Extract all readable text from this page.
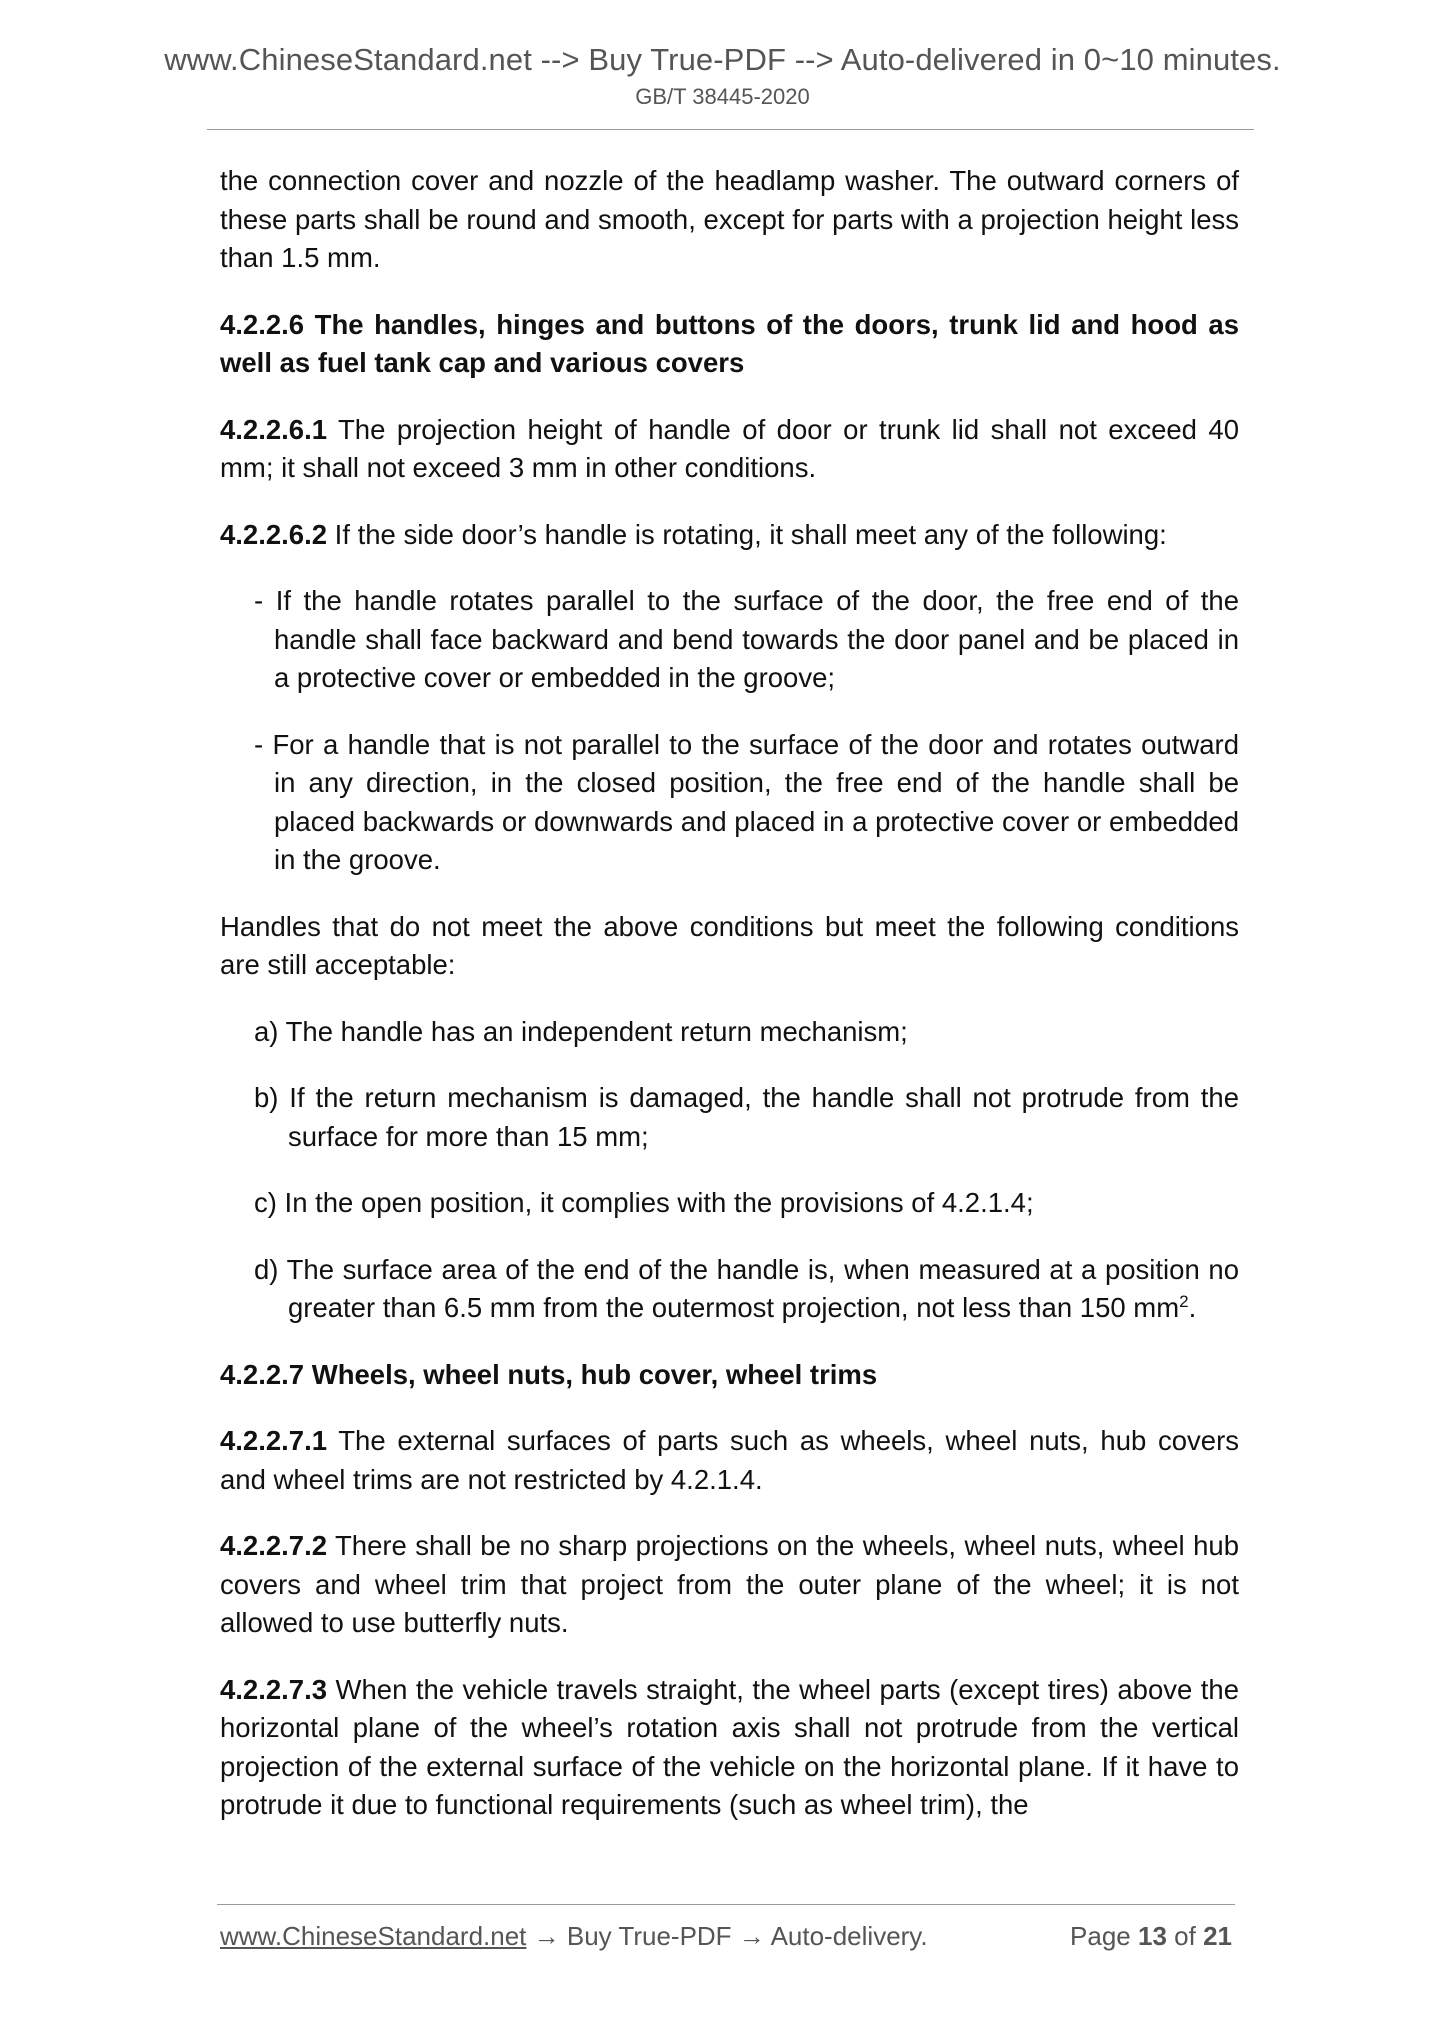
www.ChineseStandard.net --> Buy True-PDF --> Auto-delivered in 0~10 minutes.
GB/T 38445-2020

the connection cover and nozzle of the headlamp washer. The outward corners of these parts shall be round and smooth, except for parts with a projection height less than 1.5 mm.

4.2.2.6 The handles, hinges and buttons of the doors, trunk lid and hood as well as fuel tank cap and various covers

4.2.2.6.1 The projection height of handle of door or trunk lid shall not exceed 40 mm; it shall not exceed 3 mm in other conditions.

4.2.2.6.2 If the side door’s handle is rotating, it shall meet any of the following:

- If the handle rotates parallel to the surface of the door, the free end of the handle shall face backward and bend towards the door panel and be placed in a protective cover or embedded in the groove;

- For a handle that is not parallel to the surface of the door and rotates outward in any direction, in the closed position, the free end of the handle shall be placed backwards or downwards and placed in a protective cover or embedded in the groove.

Handles that do not meet the above conditions but meet the following conditions are still acceptable:

a) The handle has an independent return mechanism;

b) If the return mechanism is damaged, the handle shall not protrude from the surface for more than 15 mm;

c) In the open position, it complies with the provisions of 4.2.1.4;

d) The surface area of the end of the handle is, when measured at a position no greater than 6.5 mm from the outermost projection, not less than 150 $mm^2$.

4.2.2.7 Wheels, wheel nuts, hub cover, wheel trims

4.2.2.7.1 The external surfaces of parts such as wheels, wheel nuts, hub covers and wheel trims are not restricted by 4.2.1.4.

4.2.2.7.2 There shall be no sharp projections on the wheels, wheel nuts, wheel hub covers and wheel trim that project from the outer plane of the wheel; it is not allowed to use butterfly nuts.

4.2.2.7.3 When the vehicle travels straight, the wheel parts (except tires) above the horizontal plane of the wheel’s rotation axis shall not protrude from the vertical projection of the external surface of the vehicle on the horizontal plane. If it have to protrude it due to functional requirements (such as wheel trim), the

www.ChineseStandard.net → Buy True-PDF → Auto-delivery.	Page 13 of 21
